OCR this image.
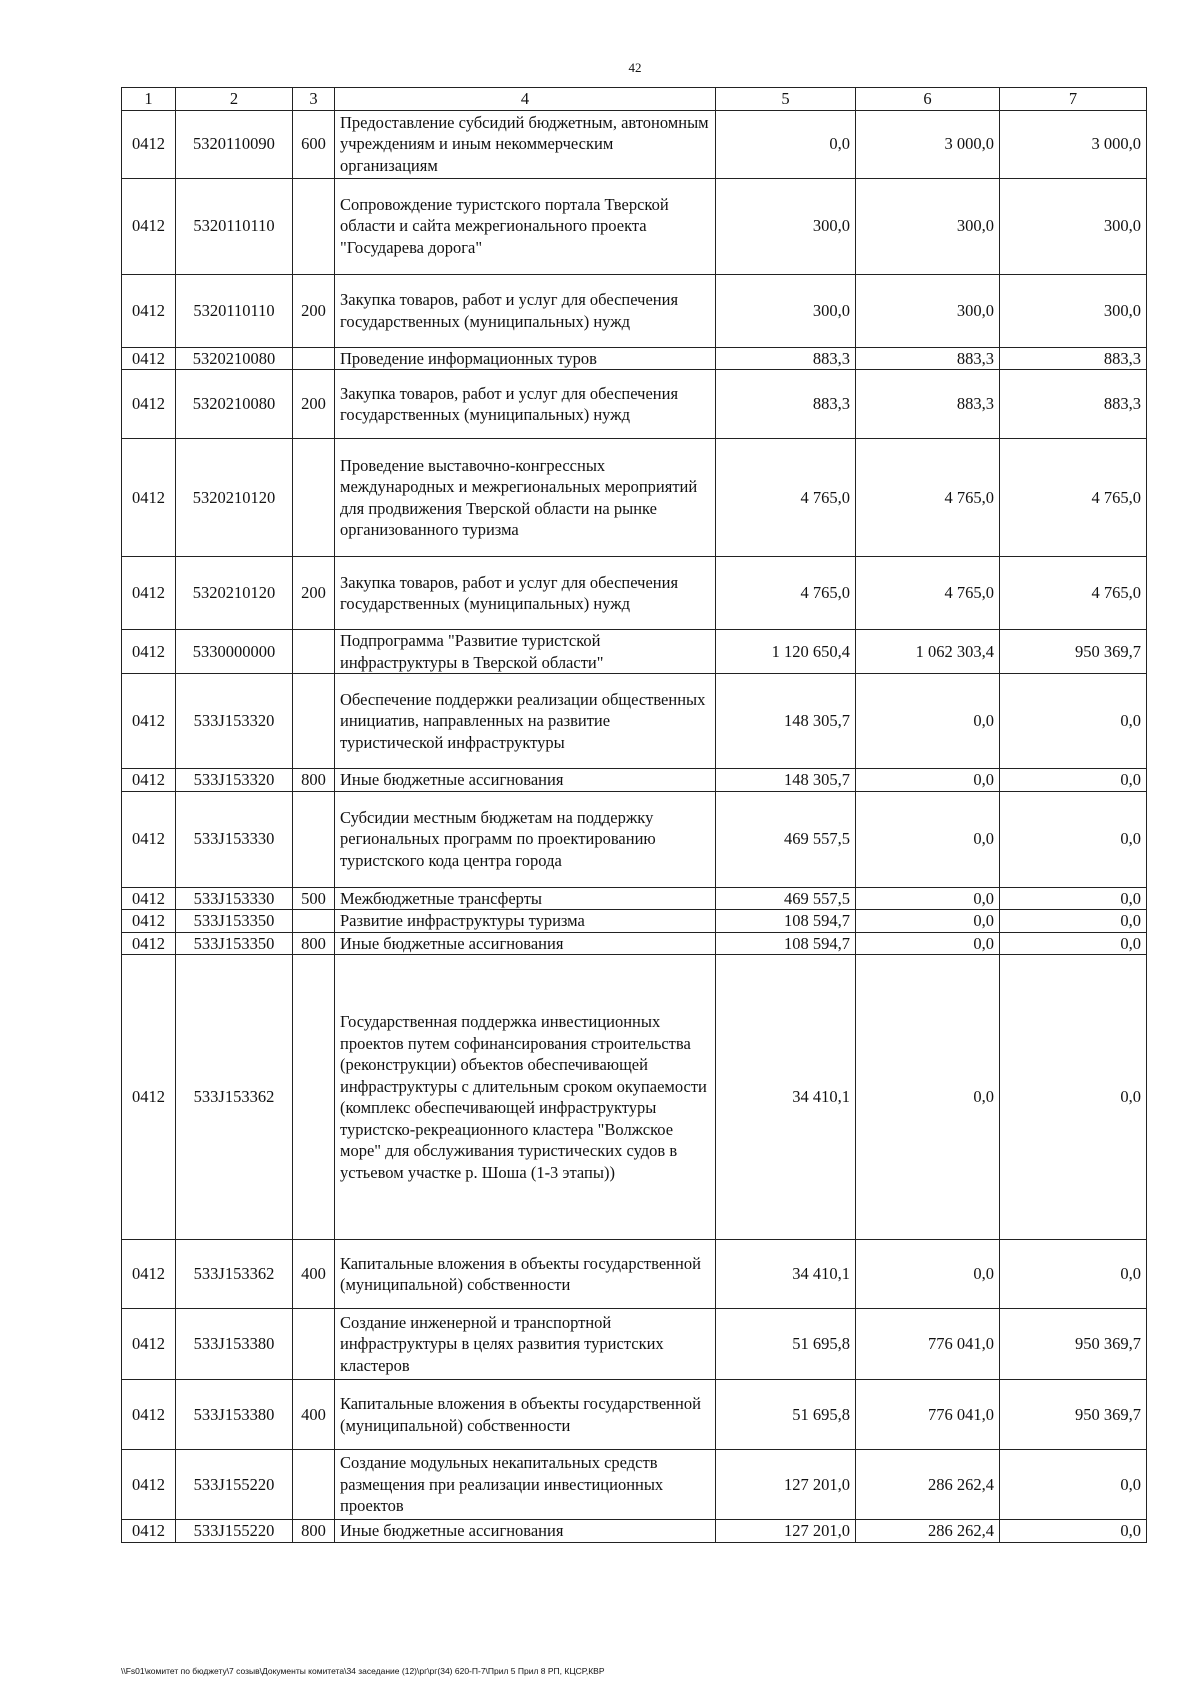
42
1	2	3	4	5	6	7
0412	5320110090	600	Предоставление субсидий бюджетным, автономным учреждениям и иным некоммерческим организациям	0,0	3 000,0	3 000,0
0412	5320110110		Сопровождение туристского портала Тверской области и сайта межрегионального проекта "Государева дорога"	300,0	300,0	300,0
0412	5320110110	200	Закупка товаров, работ и услуг для обеспечения государственных (муниципальных) нужд	300,0	300,0	300,0
0412	5320210080		Проведение информационных туров	883,3	883,3	883,3
0412	5320210080	200	Закупка товаров, работ и услуг для обеспечения государственных (муниципальных) нужд	883,3	883,3	883,3
0412	5320210120		Проведение выставочно-конгрессных международных и межрегиональных мероприятий для продвижения Тверской области на рынке организованного туризма	4 765,0	4 765,0	4 765,0
0412	5320210120	200	Закупка товаров, работ и услуг для обеспечения государственных (муниципальных) нужд	4 765,0	4 765,0	4 765,0
0412	5330000000		Подпрограмма "Развитие туристской инфраструктуры в Тверской области"	1 120 650,4	1 062 303,4	950 369,7
0412	533J153320		Обеспечение поддержки реализации общественных инициатив, направленных на развитие туристической инфраструктуры	148 305,7	0,0	0,0
0412	533J153320	800	Иные бюджетные ассигнования	148 305,7	0,0	0,0
0412	533J153330		Субсидии местным бюджетам на поддержку региональных программ по проектированию туристского кода центра города	469 557,5	0,0	0,0
0412	533J153330	500	Межбюджетные трансферты	469 557,5	0,0	0,0
0412	533J153350		Развитие инфраструктуры туризма	108 594,7	0,0	0,0
0412	533J153350	800	Иные бюджетные ассигнования	108 594,7	0,0	0,0
0412	533J153362		Государственная поддержка инвестиционных проектов путем софинансирования строительства (реконструкции) объектов обеспечивающей инфраструктуры с длительным сроком окупаемости (комплекс обеспечивающей инфраструктуры туристско-рекреационного кластера "Волжское море" для обслуживания туристических судов в устьевом участке р. Шоша (1-3 этапы))	34 410,1	0,0	0,0
0412	533J153362	400	Капитальные вложения в объекты государственной (муниципальной) собственности	34 410,1	0,0	0,0
0412	533J153380		Создание инженерной и транспортной инфраструктуры в целях развития туристских кластеров	51 695,8	776 041,0	950 369,7
0412	533J153380	400	Капитальные вложения в объекты государственной (муниципальной) собственности	51 695,8	776 041,0	950 369,7
0412	533J155220		Создание модульных некапитальных средств размещения при реализации инвестиционных проектов	127 201,0	286 262,4	0,0
0412	533J155220	800	Иные бюджетные ассигнования	127 201,0	286 262,4	0,0
\\Fs01\комитет по бюджету\7 созыв\Документы комитета\34 заседание (12)\рг\рг(34) 620-П-7\Прил 5 Прил 8 РП, КЦСР,КВР
